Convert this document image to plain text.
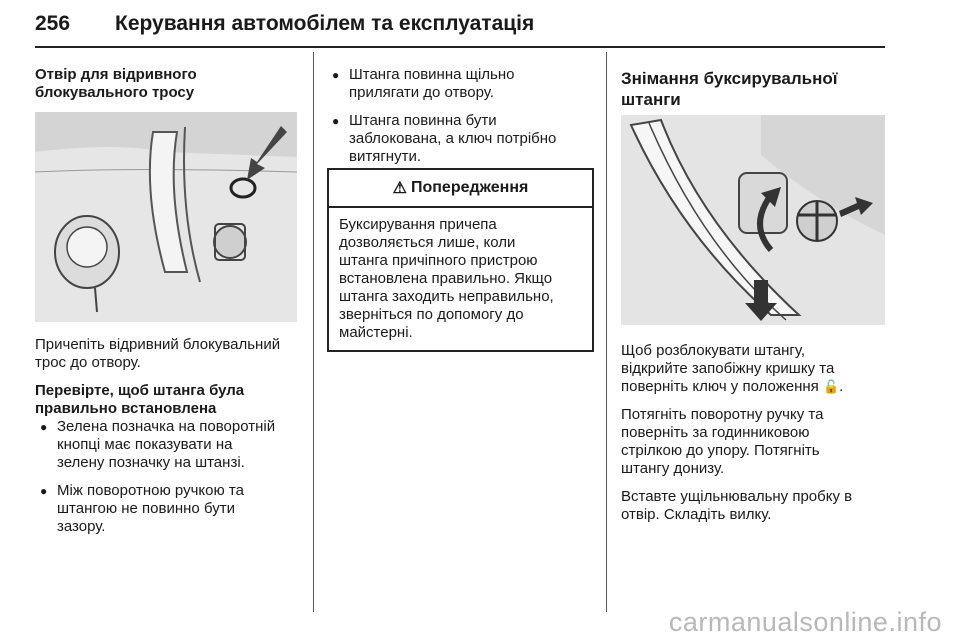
256 Керування автомобілем та експлуатація

Отвір для відривного
блокувального тросу

Причепіть відривний блокувальний
трос до отвору.

Перевірте, щоб штанга була
правильно встановлена

● Зелена позначка на поворотній
кнопці має показувати на
зелену позначку на штанзі.
● Між поворотною ручкою та
штангою не повинно бути
зазору.
● Штанга повинна щільно
прилягати до отвору.
● Штанга повинна бути
заблокована, а ключ потрібно
витягнути.
⚠ Попередження
Буксирування причепа
дозволяється лише, коли
штанга причіпного пристрою
встановлена правильно. Якщо
штанга заходить неправильно,
зверніться по допомогу до
майстерні.

Знімання буксирувальної
штанги

Щоб розблокувати штангу,
відкрийте запобіжну кришку та
поверніть ключ у положення 🔓.

Потягніть поворотну ручку та
поверніть за годинниковою
стрілкою до упору. Потягніть
штангу донизу.

Вставте ущільнювальну пробку в
отвір. Складіть вилку.

carmanualsonline.info
